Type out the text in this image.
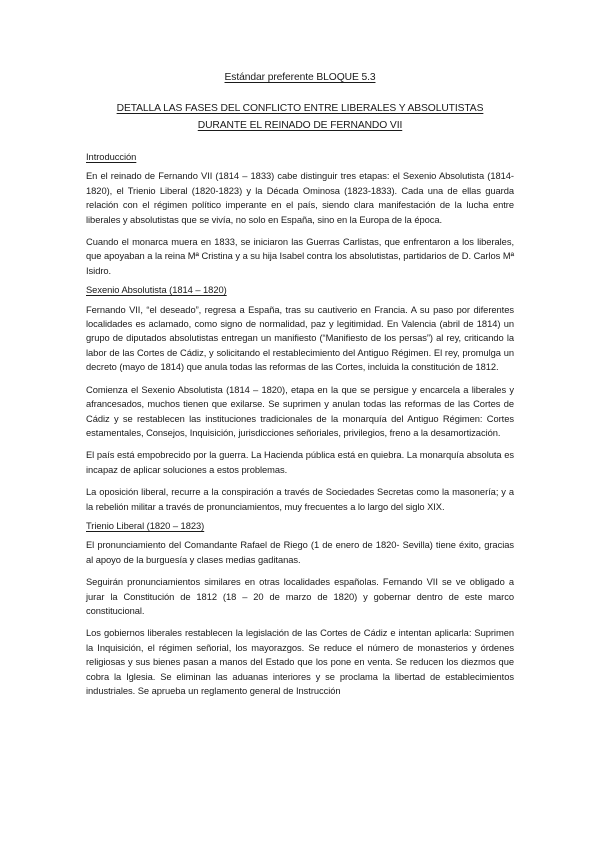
Estándar preferente BLOQUE 5.3
DETALLA LAS FASES DEL CONFLICTO ENTRE LIBERALES Y ABSOLUTISTAS
DURANTE EL REINADO DE FERNANDO VII
Introducción

En el reinado de Fernando VII (1814 – 1833) cabe distinguir tres etapas: el Sexenio Absolutista (1814-1820), el Trienio Liberal (1820-1823) y la Década Ominosa (1823-1833). Cada una de ellas guarda relación con el régimen político imperante en el país, siendo clara manifestación de la lucha entre liberales y absolutistas que se vivía, no solo en España, sino en la Europa de la época.

Cuando el monarca muera en 1833, se iniciaron las Guerras Carlistas, que enfrentaron a los liberales, que apoyaban a la reina Mª Cristina y a su hija Isabel contra los absolutistas, partidarios de D. Carlos Mª Isidro.

Sexenio Absolutista (1814 – 1820)

Fernando VII, “el deseado”, regresa a España, tras su cautiverio en Francia. A su paso por diferentes localidades es aclamado, como signo de normalidad, paz y legitimidad. En Valencia (abril de 1814) un grupo de diputados absolutistas entregan un manifiesto (“Manifiesto de los persas”) al rey, criticando la labor de las Cortes de Cádiz, y solicitando el restablecimiento del Antiguo Régimen. El rey, promulga un decreto (mayo de 1814) que anula todas las reformas de las Cortes, incluida la constitución de 1812.

Comienza el Sexenio Absolutista (1814 – 1820), etapa en la que se persigue y encarcela a liberales y afrancesados, muchos tienen que exilarse. Se suprimen y anulan todas las reformas de las Cortes de Cádiz y se restablecen las instituciones tradicionales de la monarquía del Antiguo Régimen: Cortes estamentales, Consejos, Inquisición, jurisdicciones señoriales, privilegios, freno a la desamortización.

El país está empobrecido por la guerra. La Hacienda pública está en quiebra. La monarquía absoluta es incapaz de aplicar soluciones a estos problemas.

La oposición liberal, recurre a la conspiración a través de Sociedades Secretas como la masonería; y a la rebelión militar a través de pronunciamientos, muy frecuentes a lo largo del siglo XIX.

Trienio Liberal (1820 – 1823)

El pronunciamiento del Comandante Rafael de Riego (1 de enero de 1820- Sevilla) tiene éxito, gracias al apoyo de la burguesía y clases medias gaditanas.

Seguirán pronunciamientos similares en otras localidades españolas. Fernando VII se ve obligado a jurar la Constitución de 1812 (18 – 20 de marzo de 1820) y gobernar dentro de este marco constitucional.

Los gobiernos liberales restablecen la legislación de las Cortes de Cádiz e intentan aplicarla: Suprimen la Inquisición, el régimen señorial, los mayorazgos. Se reduce el número de monasterios y órdenes religiosas y sus bienes pasan a manos del Estado que los pone en venta. Se reducen los diezmos que cobra la Iglesia. Se eliminan las aduanas interiores y se proclama la libertad de establecimientos industriales. Se aprueba un reglamento general de Instrucción
